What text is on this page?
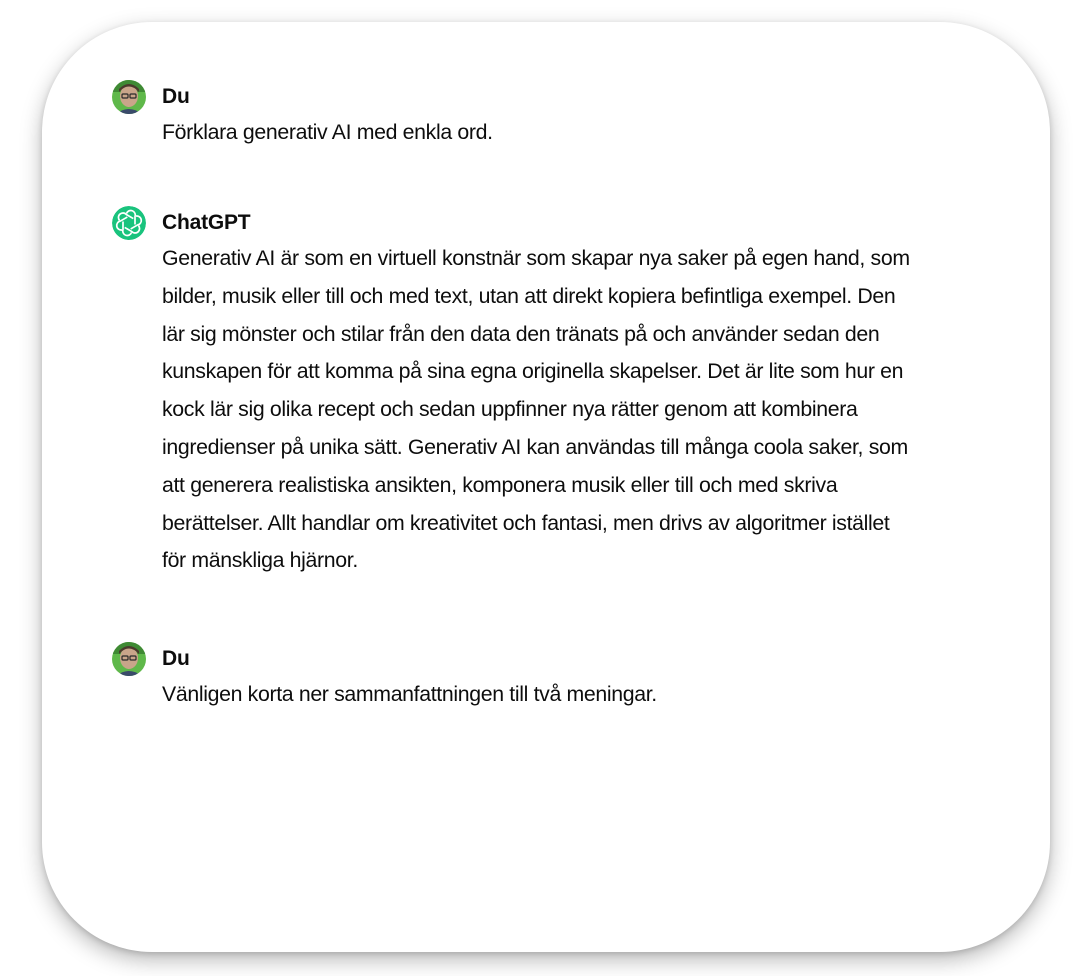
Du
Förklara generativ AI med enkla ord.
ChatGPT
Generativ AI är som en virtuell konstnär som skapar nya saker på egen hand, som
bilder, musik eller till och med text, utan att direkt kopiera befintliga exempel. Den
lär sig mönster och stilar från den data den tränats på och använder sedan den
kunskapen för att komma på sina egna originella skapelser. Det är lite som hur en
kock lär sig olika recept och sedan uppfinner nya rätter genom att kombinera
ingredienser på unika sätt. Generativ AI kan användas till många coola saker, som
att generera realistiska ansikten, komponera musik eller till och med skriva
berättelser. Allt handlar om kreativitet och fantasi, men drivs av algoritmer istället
för mänskliga hjärnor.
Du
Vänligen korta ner sammanfattningen till två meningar.
